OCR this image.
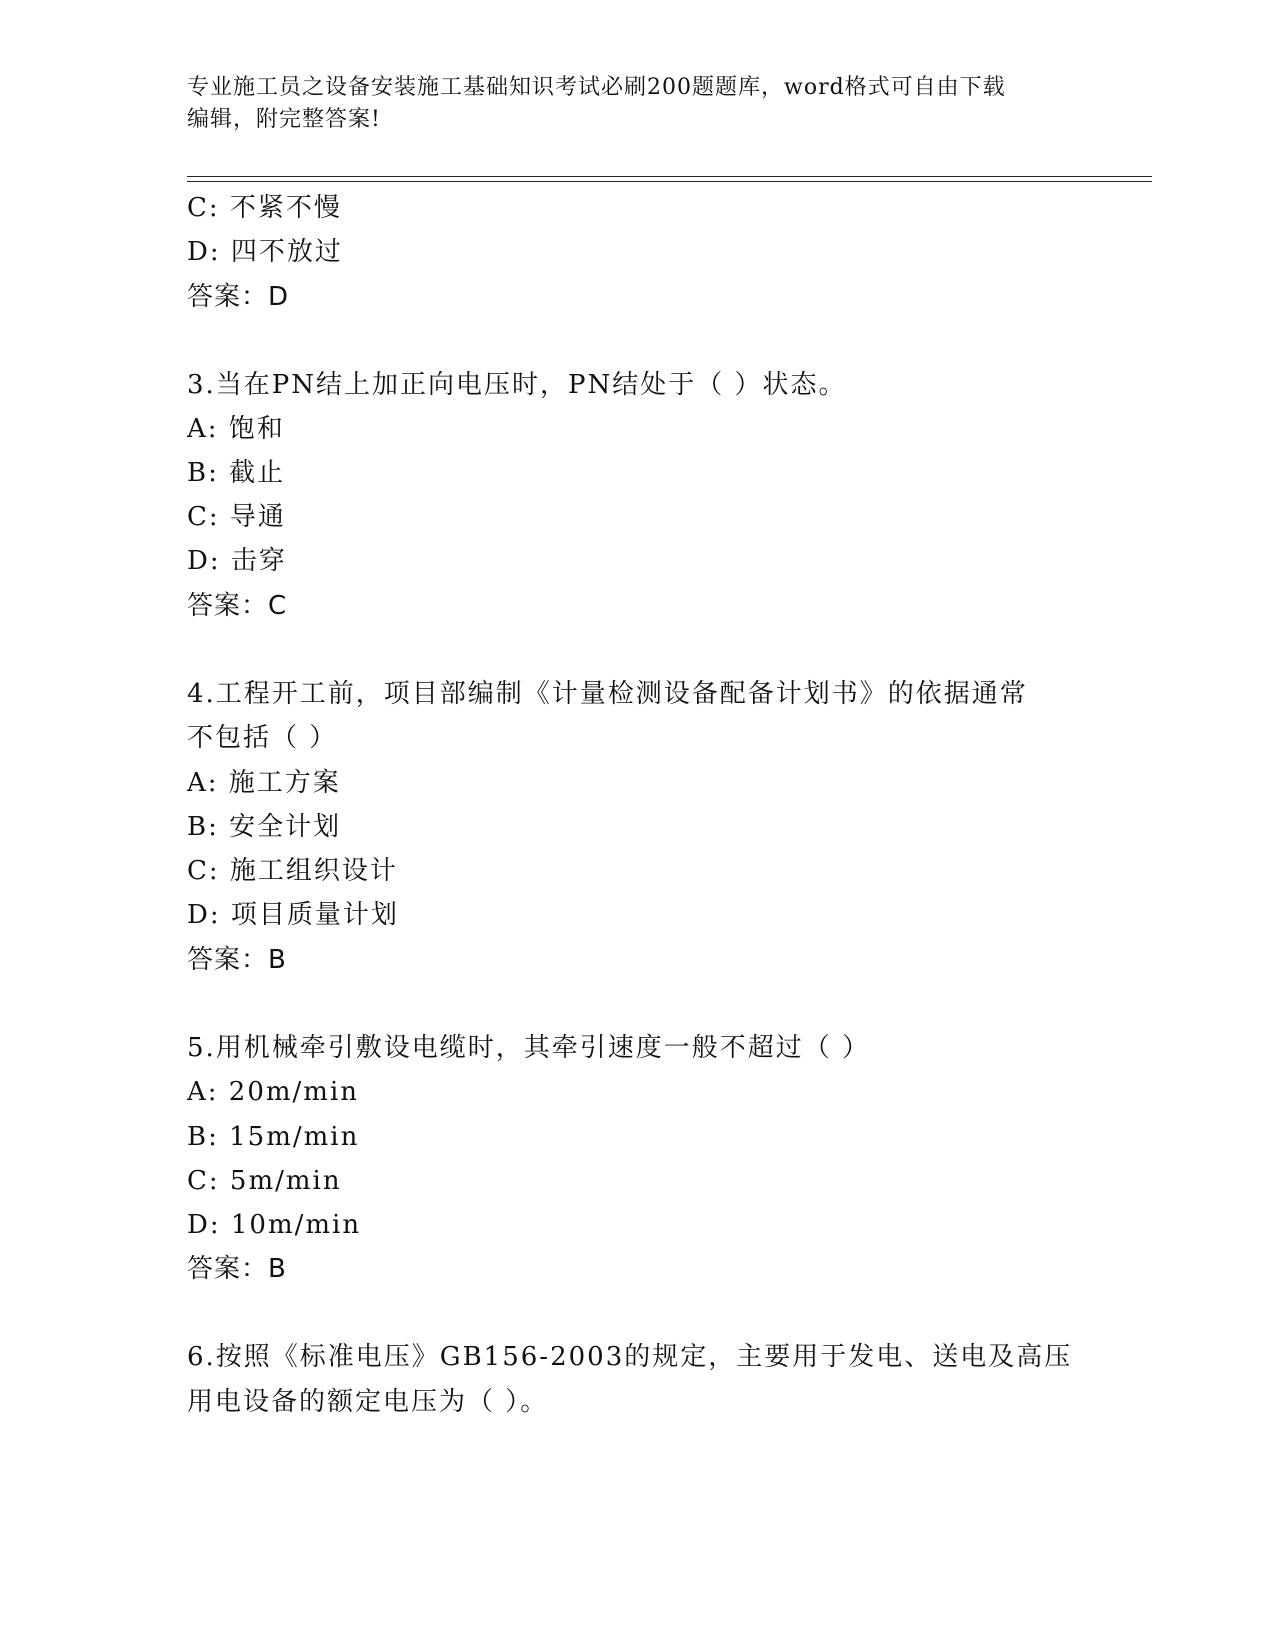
专业施工员之设备安装施工基础知识考试必刷200题题库，word格式可自由下载
编辑，附完整答案!
C: 不紧不慢
D: 四不放过
答案：D
3.当在PN结上加正向电压时，PN结处于（ ）状态。
A: 饱和
B: 截止
C: 导通
D: 击穿
答案：C
4.工程开工前，项目部编制《计量检测设备配备计划书》的依据通常
不包括（ ）
A: 施工方案
B: 安全计划
C: 施工组织设计
D: 项目质量计划
答案：B
5.用机械牵引敷设电缆时，其牵引速度一般不超过（ ）
A: 20m/min
B: 15m/min
C: 5m/min
D: 10m/min
答案：B
6.按照《标准电压》GB156-2003的规定，主要用于发电、送电及高压
用电设备的额定电压为（ ）。
